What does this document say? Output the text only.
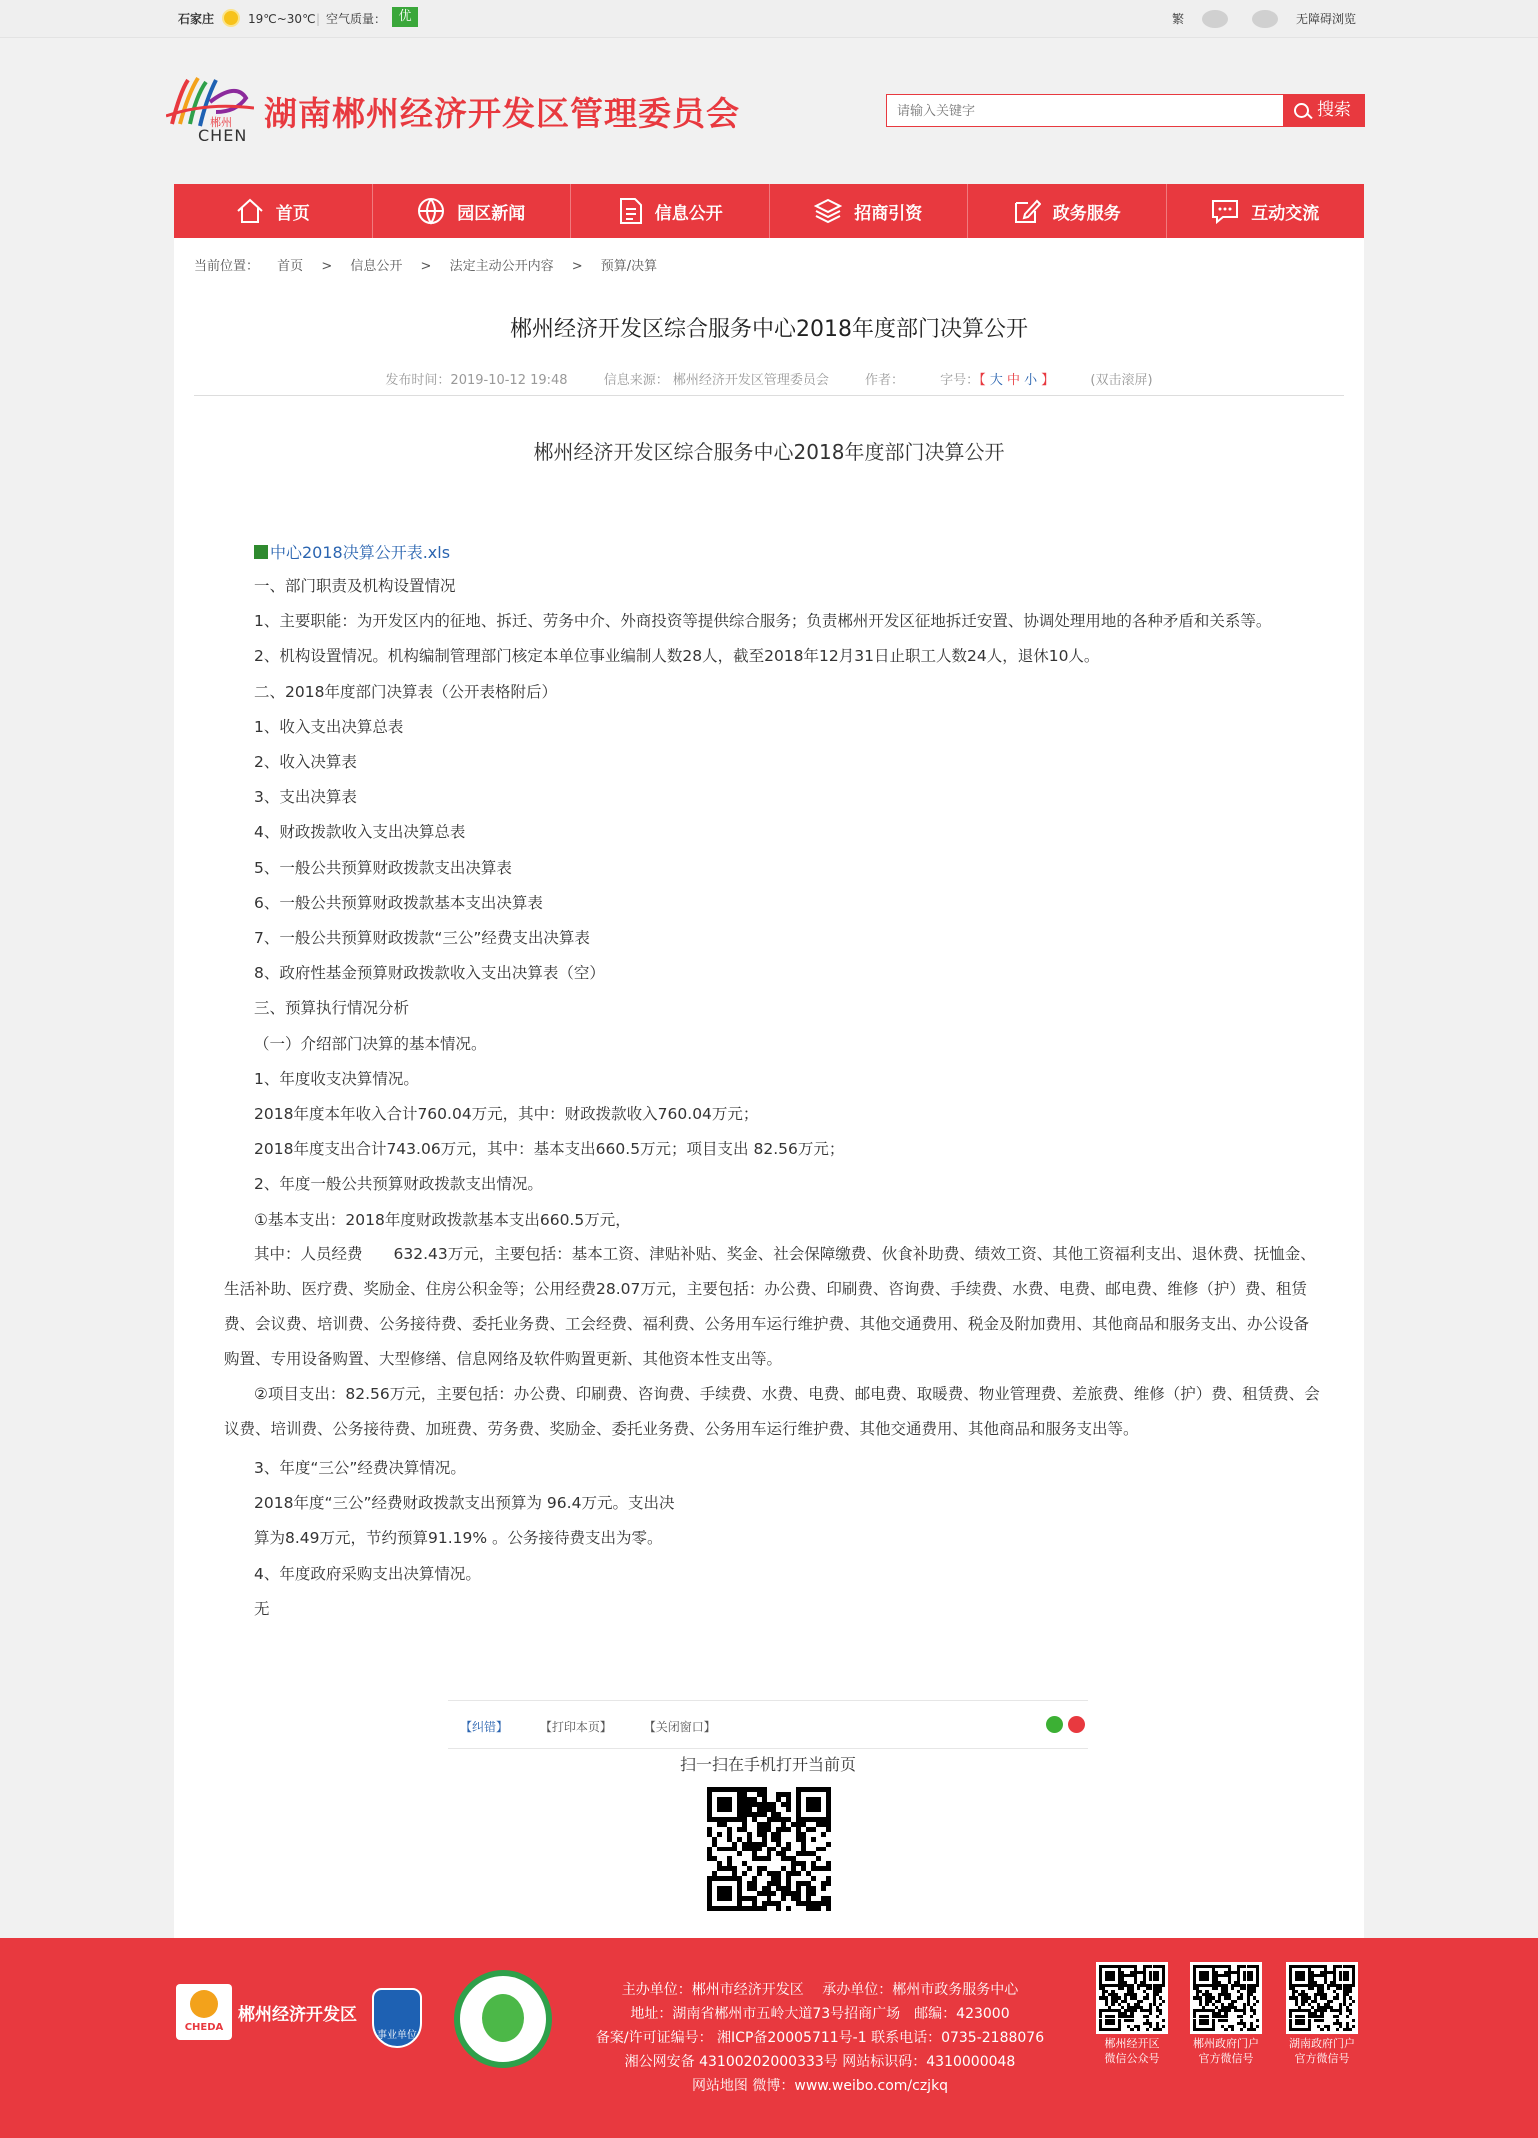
石家庄	19℃~30℃ | 空气质量： 优	繁	无障碍浏览
郴州
CHEN
湖南郴州经济开发区管理委员会
请输入关键字	搜索
首页	园区新闻	信息公开	招商引资	政务服务	互动交流
当前位置： 首页 > 信息公开 > 法定主动公开内容 > 预算/决算
郴州经济开发区综合服务中心2018年度部门决算公开
发布时间：2019-10-12 19:48	信息来源： 郴州经济开发区管理委员会	作者：	字号：【 大 中 小 】	(双击滚屏)
郴州经济开发区综合服务中心2018年度部门决算公开
中心2018决算公开表.xls
一、部门职责及机构设置情况
1、主要职能：为开发区内的征地、拆迁、劳务中介、外商投资等提供综合服务；负责郴州开发区征地拆迁安置、协调处理用地的各种矛盾和关系等。
2、机构设置情况。机构编制管理部门核定本单位事业编制人数28人，截至2018年12月31日止职工人数24人，退休10人。
二、2018年度部门决算表（公开表格附后）
1、收入支出决算总表
2、收入决算表
3、支出决算表
4、财政拨款收入支出决算总表
5、一般公共预算财政拨款支出决算表
6、一般公共预算财政拨款基本支出决算表
7、一般公共预算财政拨款“三公”经费支出决算表
8、政府性基金预算财政拨款收入支出决算表（空）
三、预算执行情况分析
（一）介绍部门决算的基本情况。
1、年度收支决算情况。
2018年度本年收入合计760.04万元，其中：财政拨款收入760.04万元；
2018年度支出合计743.06万元，其中：基本支出660.5万元；项目支出 82.56万元；
2、年度一般公共预算财政拨款支出情况。
①基本支出：2018年度财政拨款基本支出660.5万元，
其中：人员经费　　632.43万元，主要包括：基本工资、津贴补贴、奖金、社会保障缴费、伙食补助费、绩效工资、其他工资福利支出、退休费、抚恤金、生活补助、医疗费、奖励金、住房公积金等；公用经费28.07万元，主要包括：办公费、印刷费、咨询费、手续费、水费、电费、邮电费、维修（护）费、租赁费、会议费、培训费、公务接待费、委托业务费、工会经费、福利费、公务用车运行维护费、其他交通费用、税金及附加费用、其他商品和服务支出、办公设备购置、专用设备购置、大型修缮、信息网络及软件购置更新、其他资本性支出等。
②项目支出：82.56万元，主要包括：办公费、印刷费、咨询费、手续费、水费、电费、邮电费、取暖费、物业管理费、差旅费、维修（护）费、租赁费、会议费、培训费、公务接待费、加班费、劳务费、奖励金、委托业务费、公务用车运行维护费、其他交通费用、其他商品和服务支出等。
3、年度“三公”经费决算情况。
2018年度“三公”经费财政拨款支出预算为 96.4万元。支出决
算为8.49万元，节约预算91.19% 。公务接待费支出为零。
4、年度政府采购支出决算情况。
无
【纠错】	【打印本页】	【关闭窗口】
扫一扫在手机打开当前页
CHEDA
郴州经济开发区
事业单位
主办单位：郴州市经济开发区　 承办单位：郴州市政务服务中心
地址：湖南省郴州市五岭大道73号招商广场　邮编：423000
备案/许可证编号： 湘ICP备20005711号-1 联系电话：0735-2188076
湘公网安备 43100202000333号 网站标识码：4310000048
网站地图 微博：www.weibo.com/czjkq
郴州经开区
微信公众号
郴州政府门户
官方微信号
湖南政府门户
官方微信号
